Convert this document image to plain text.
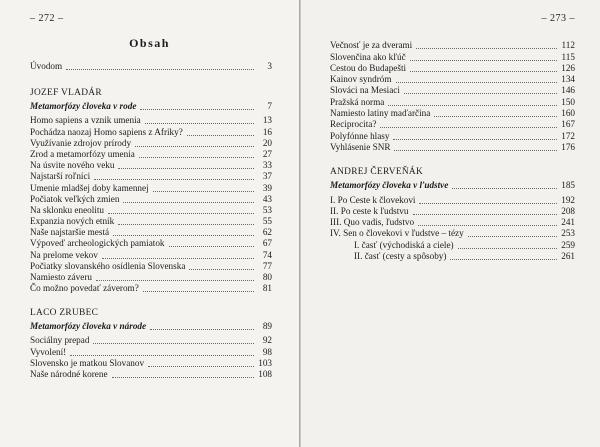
– 272 –
Obsah
Úvodom	3
JOZEF VLADÁR
Metamorfózy človeka v rode	7
Homo sapiens a vznik umenia	13
Pochádza naozaj Homo sapiens z Afriky?	16
Využívanie zdrojov prírody	20
Zrod a metamorfózy umenia	27
Na úsvite nového veku	33
Najstarší roľníci	37
Umenie mladšej doby kamennej	39
Počiatok veľkých zmien	43
Na sklonku eneolitu	53
Expanzia nových etník	55
Naše najstaršie mestá	62
Výpoveď archeologických pamiatok	67
Na prelome vekov	74
Počiatky slovanského osídlenia Slovenska	77
Namiesto záveru	80
Čo možno povedať záverom?	81
LACO ZRUBEC
Metamorfózy človeka v národe	89
Sociálny prepad	92
Vyvolení!	98
Slovensko je matkou Slovanov	103
Naše národné korene	108
– 273 –
Večnosť je za dverami	112
Slovenčina ako kľúč	115
Cestou do Budapešti	126
Kainov syndróm	134
Slováci na Mesiaci	146
Pražská norma	150
Namiesto latiny maďarčina	160
Reciprocita?	167
Polyfónne hlasy	172
Vyhlásenie SNR	176
ANDREJ ČERVEŇÁK
Metamorfózy človeka v ľudstve	185
I. Po Ceste k človekovi	192
II. Po ceste k ľudstvu	208
III. Quo vadis, ľudstvo	241
IV. Sen o človekovi v ľudstve – tézy	253
I. časť (východiská a ciele)	259
II. časť (cesty a spôsoby)	261
